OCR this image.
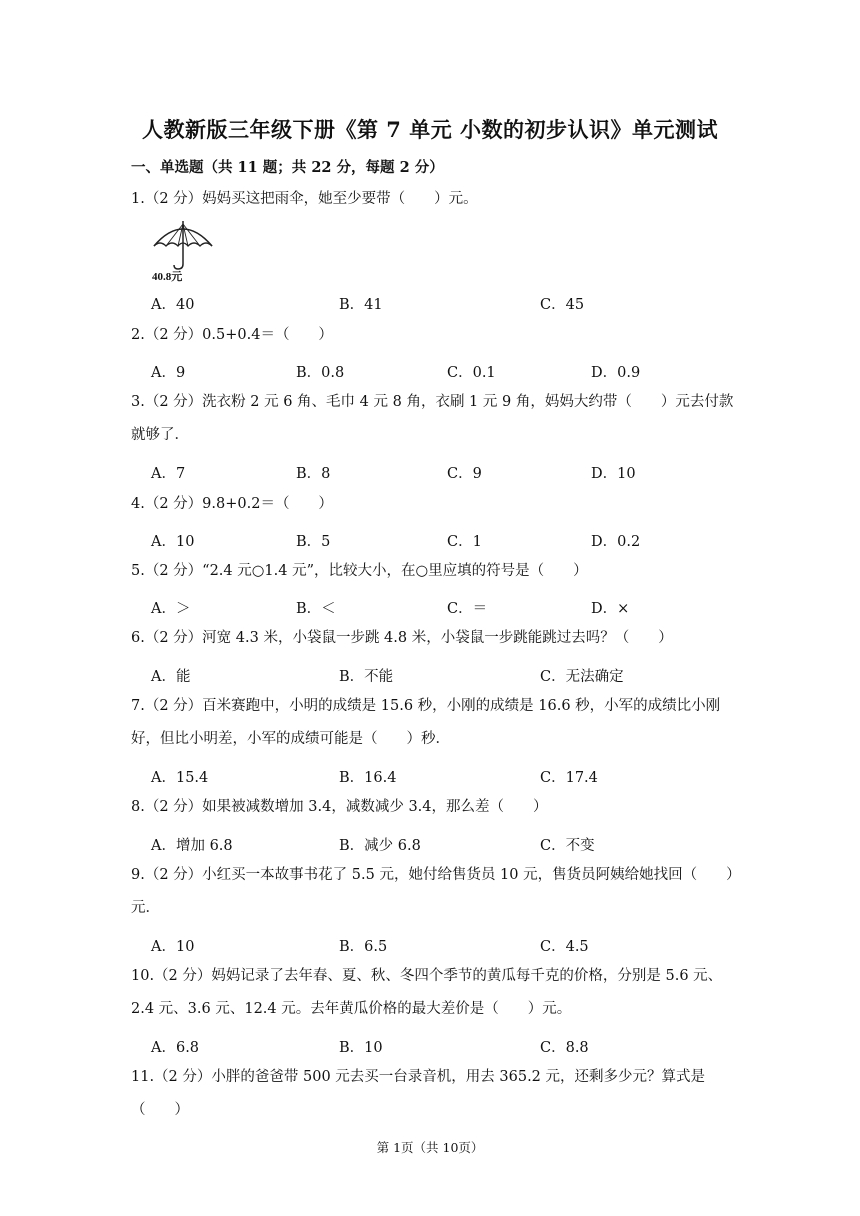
人教新版三年级下册《第 7 单元 小数的初步认识》单元测试
一、单选题（共 11 题；共 22 分，每题 2 分）
1.（2 分）妈妈买这把雨伞，她至少要带（　　）元。
40.8元
A．40	B．41	C．45
2.（2 分）0.5+0.4＝（　　）
A．9	B．0.8	C．0.1	D．0.9
3.（2 分）洗衣粉 2 元 6 角、毛巾 4 元 8 角，衣刷 1 元 9 角，妈妈大约带（　　）元去付款就够了．
A．7	B．8	C．9	D．10
4.（2 分）9.8+0.2＝（　　）
A．10	B．5	C．1	D．0.2
5.（2 分）“2.4 元○1.4 元”，比较大小，在○里应填的符号是（　　）
A．＞	B．＜	C．＝	D．×
6.（2 分）河宽 4.3 米，小袋鼠一步跳 4.8 米，小袋鼠一步跳能跳过去吗？（　　）
A．能	B．不能	C．无法确定
7.（2 分）百米赛跑中，小明的成绩是 15.6 秒，小刚的成绩是 16.6 秒，小军的成绩比小刚好，但比小明差，小军的成绩可能是（　　）秒．
A．15.4	B．16.4	C．17.4
8.（2 分）如果被减数增加 3.4，减数减少 3.4，那么差（　　）
A．增加 6.8	B．减少 6.8	C．不变
9.（2 分）小红买一本故事书花了 5.5 元，她付给售货员 10 元，售货员阿姨给她找回（　　）元．
A．10	B．6.5	C．4.5
10.（2 分）妈妈记录了去年春、夏、秋、冬四个季节的黄瓜每千克的价格，分别是 5.6 元、2.4 元、3.6 元、12.4 元。去年黄瓜价格的最大差价是（　　）元。
A．6.8	B．10	C．8.8
11.（2 分）小胖的爸爸带 500 元去买一台录音机，用去 365.2 元，还剩多少元？算式是（　　）
第 1页（共 10页）
